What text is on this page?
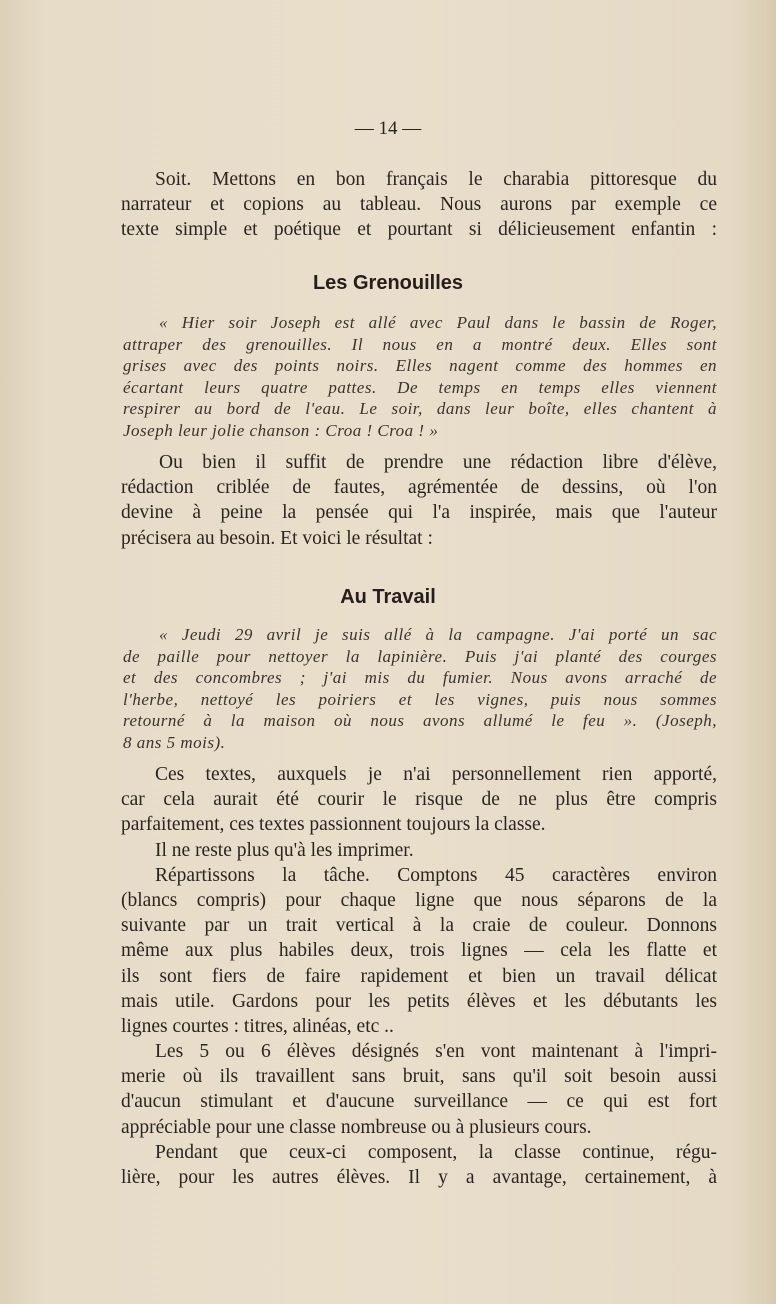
— 14 —

Soit. Mettons en bon français le charabia pittoresque du
narrateur et copions au tableau. Nous aurons par exemple ce
texte simple et poétique et pourtant si délicieusement enfantin :

Les Grenouilles
« Hier soir Joseph est allé avec Paul dans le bassin de Roger,
attraper des grenouilles. Il nous en a montré deux. Elles sont
grises avec des points noirs. Elles nagent comme des hommes en
écartant leurs quatre pattes. De temps en temps elles viennent
respirer au bord de l'eau. Le soir, dans leur boîte, elles chantent à
Joseph leur jolie chanson : Croa ! Croa ! »

Ou bien il suffit de prendre une rédaction libre d'élève,
rédaction criblée de fautes, agrémentée de dessins, où l'on
devine à peine la pensée qui l'a inspirée, mais que l'auteur
précisera au besoin. Et voici le résultat :

Au Travail
« Jeudi 29 avril je suis allé à la campagne. J'ai porté un sac
de paille pour nettoyer la lapinière. Puis j'ai planté des courges
et des concombres ; j'ai mis du fumier. Nous avons arraché de
l'herbe, nettoyé les poiriers et les vignes, puis nous sommes
retourné à la maison où nous avons allumé le feu ». (Joseph,
8 ans 5 mois).

Ces textes, auxquels je n'ai personnellement rien apporté,
car cela aurait été courir le risque de ne plus être compris
parfaitement, ces textes passionnent toujours la classe.

Il ne reste plus qu'à les imprimer.

Répartissons la tâche. Comptons 45 caractères environ
(blancs compris) pour chaque ligne que nous séparons de la
suivante par un trait vertical à la craie de couleur. Donnons
même aux plus habiles deux, trois lignes — cela les flatte et
ils sont fiers de faire rapidement et bien un travail délicat
mais utile. Gardons pour les petits élèves et les débutants les
lignes courtes : titres, alinéas, etc ..

Les 5 ou 6 élèves désignés s'en vont maintenant à l'impri-
merie où ils travaillent sans bruit, sans qu'il soit besoin aussi
d'aucun stimulant et d'aucune surveillance — ce qui est fort
appréciable pour une classe nombreuse ou à plusieurs cours.

Pendant que ceux-ci composent, la classe continue, régu-
lière, pour les autres élèves. Il y a avantage, certainement, à
